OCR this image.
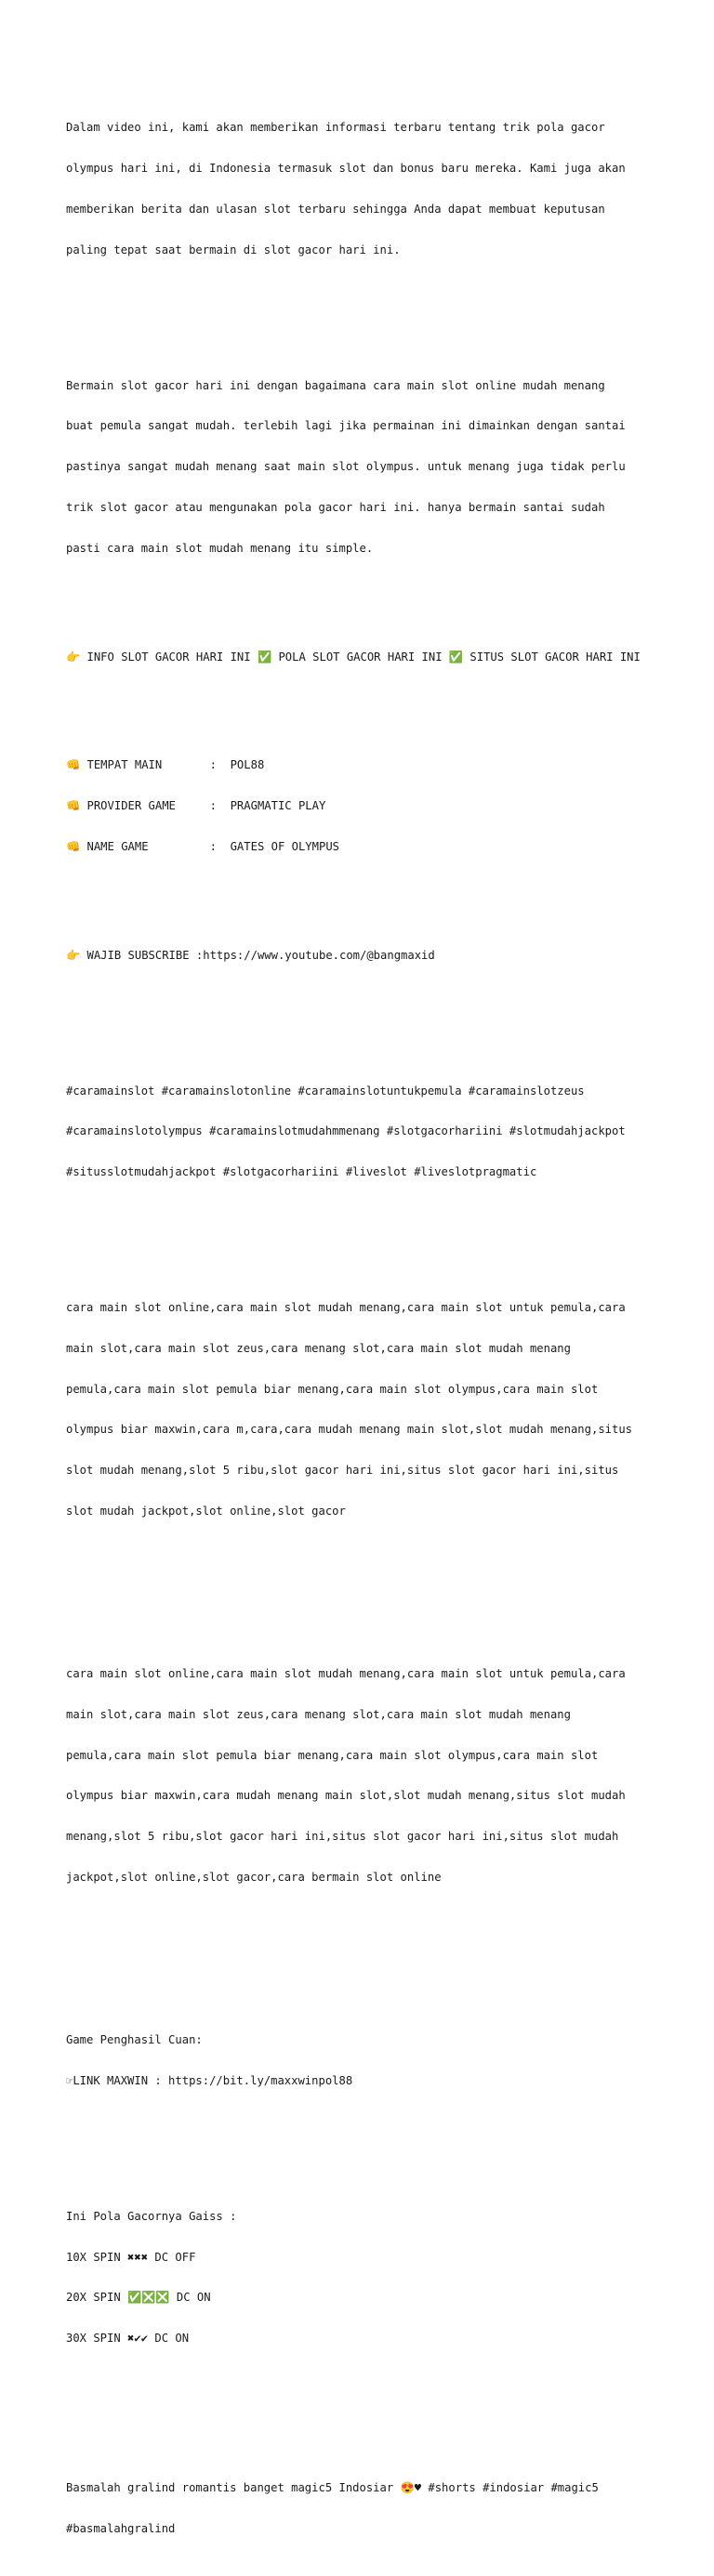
Dalam video ini, kami akan memberikan informasi terbaru tentang trik pola gacor

olympus hari ini, di Indonesia termasuk slot dan bonus baru mereka. Kami juga akan

memberikan berita dan ulasan slot terbaru sehingga Anda dapat membuat keputusan

paling tepat saat bermain di slot gacor hari ini.

Bermain slot gacor hari ini dengan bagaimana cara main slot online mudah menang

buat pemula sangat mudah. terlebih lagi jika permainan ini dimainkan dengan santai

pastinya sangat mudah menang saat main slot olympus. untuk menang juga tidak perlu

trik slot gacor atau mengunakan pola gacor hari ini. hanya bermain santai sudah

pasti cara main slot mudah menang itu simple.

👉 INFO SLOT GACOR HARI INI ✅ POLA SLOT GACOR HARI INI ✅ SITUS SLOT GACOR HARI INI

👊 TEMPAT MAIN       :  POL88

👊 PROVIDER GAME     :  PRAGMATIC PLAY

👊 NAME GAME         :  GATES OF OLYMPUS

👉 WAJIB SUBSCRIBE :https://www.youtube.com/@bangmaxid

#caramainslot #caramainslotonline #caramainslotuntukpemula #caramainslotzeus

#caramainslotolympus #caramainslotmudahmmenang #slotgacorhariini #slotmudahjackpot

#situsslotmudahjackpot #slotgacorhariini #liveslot #liveslotpragmatic

cara main slot online,cara main slot mudah menang,cara main slot untuk pemula,cara

main slot,cara main slot zeus,cara menang slot,cara main slot mudah menang

pemula,cara main slot pemula biar menang,cara main slot olympus,cara main slot

olympus biar maxwin,cara m,cara,cara mudah menang main slot,slot mudah menang,situs

slot mudah menang,slot 5 ribu,slot gacor hari ini,situs slot gacor hari ini,situs

slot mudah jackpot,slot online,slot gacor

cara main slot online,cara main slot mudah menang,cara main slot untuk pemula,cara

main slot,cara main slot zeus,cara menang slot,cara main slot mudah menang

pemula,cara main slot pemula biar menang,cara main slot olympus,cara main slot

olympus biar maxwin,cara mudah menang main slot,slot mudah menang,situs slot mudah

menang,slot 5 ribu,slot gacor hari ini,situs slot gacor hari ini,situs slot mudah

jackpot,slot online,slot gacor,cara bermain slot online

Game Penghasil Cuan:

☞LINK MAXWIN : https://bit.ly/maxxwinpol88

Ini Pola Gacornya Gaiss :

10X SPIN ✖✖✖ DC OFF

20X SPIN ✅❎❎ DC ON

30X SPIN ✖✔✔ DC ON

Basmalah gralind romantis banget magic5 Indosiar 😍♥ #shorts #indosiar #magic5

#basmalahgralind
